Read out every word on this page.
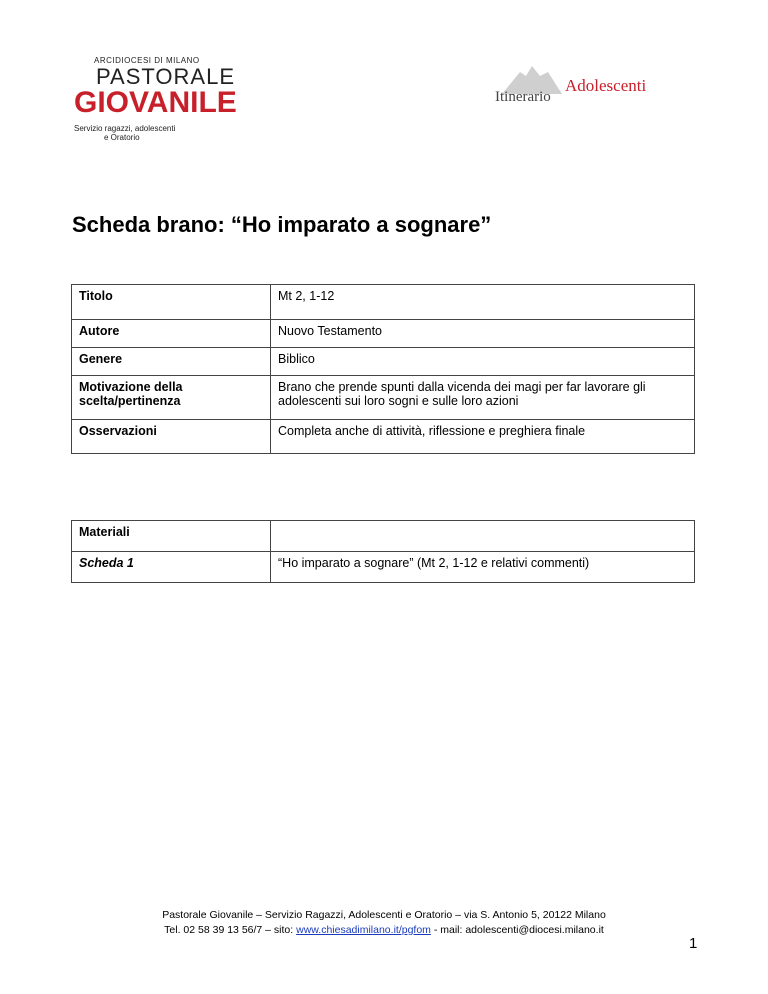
ARCIDIOCESI DI MILANO
PASTORALE
GIOVANILE
Servizio ragazzi, adolescenti
e Oratorio
Itinerario
Adolescenti
Scheda brano: “Ho imparato a sognare”
Titolo	Mt 2, 1-12
Autore	Nuovo Testamento
Genere	Biblico
Motivazione della scelta/pertinenza	Brano che prende spunti dalla vicenda dei magi per far lavorare gli adolescenti sui loro sogni e sulle loro azioni
Osservazioni	Completa anche di attività, riflessione e preghiera finale
Materiali	
Scheda 1	“Ho imparato a sognare” (Mt 2, 1-12 e relativi commenti)
Pastorale Giovanile – Servizio Ragazzi, Adolescenti e Oratorio – via S. Antonio 5, 20122 Milano
Tel. 02 58 39 13 56/7 – sito: www.chiesadimilano.it/pgfom - mail: adolescenti@diocesi.milano.it
1
